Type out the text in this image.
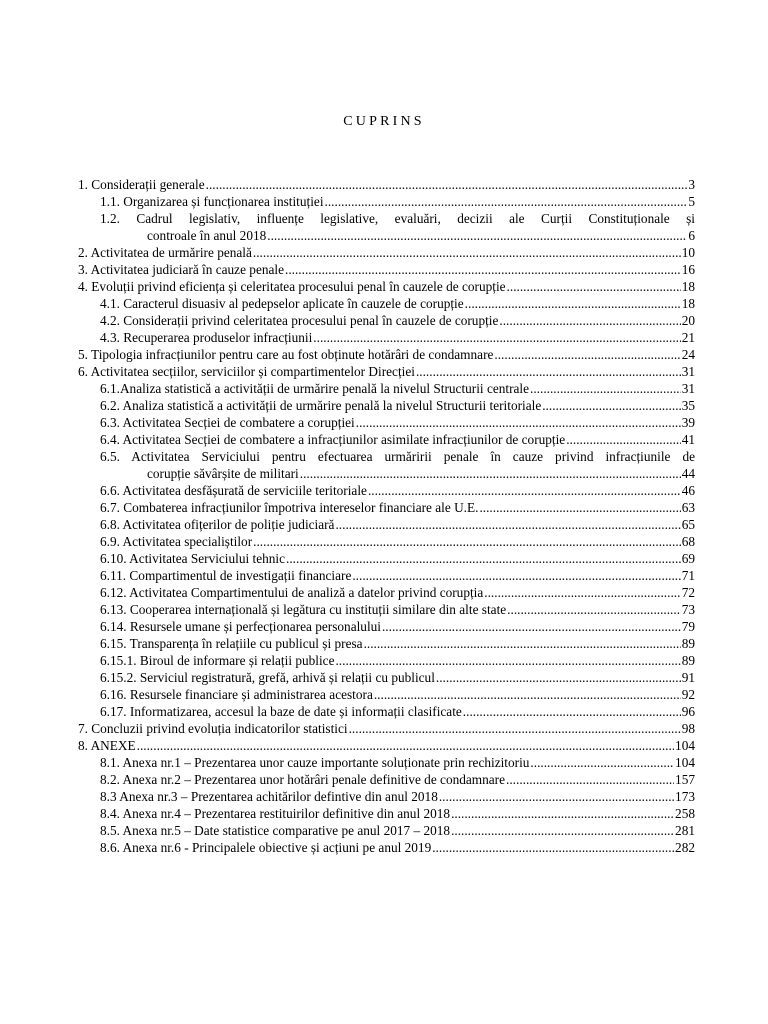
CUPRINS
1. Considerații generale .....	3
1.1. Organizarea și funcționarea instituției .....	5
1.2. Cadrul legislativ, influențe legislative, evaluări, decizii ale Curții Constituționale și
controale în anul 2018 .....	6
2. Activitatea de urmărire penală .....	10
3. Activitatea judiciară în cauze penale .....	16
4. Evoluții privind eficiența și celeritatea procesului penal în cauzele de corupție .....	18
4.1. Caracterul disuasiv al pedepselor aplicate în cauzele de corupție .....	18
4.2. Considerații privind celeritatea procesului penal în cauzele de corupție .....	20
4.3. Recuperarea produselor infracțiunii .....	21
5. Tipologia infracțiunilor pentru care au fost obținute hotărâri de condamnare .....	24
6. Activitatea secțiilor, serviciilor și compartimentelor Direcției .....	31
6.1.Analiza statistică a activității de urmărire penală la nivelul Structurii centrale .....	31
6.2. Analiza statistică a activității de urmărire penală la nivelul Structurii teritoriale .....	35
6.3. Activitatea Secției de combatere a corupției .....	39
6.4. Activitatea Secției de combatere a infracțiunilor asimilate infracțiunilor de corupție .....	41
6.5. Activitatea Serviciului pentru efectuarea urmăririi penale în cauze privind infracțiunile de
corupție săvârșite de militari .....	44
6.6. Activitatea desfășurată de serviciile teritoriale .....	46
6.7. Combaterea infracțiunilor împotriva intereselor financiare ale U.E. .....	63
6.8. Activitatea ofițerilor de poliție judiciară .....	65
6.9. Activitatea specialiștilor .....	68
6.10. Activitatea Serviciului tehnic .....	69
6.11. Compartimentul de investigații financiare .....	71
6.12. Activitatea Compartimentului de analiză a datelor privind corupția .....	72
6.13. Cooperarea internațională și legătura cu instituții similare din alte state .....	73
6.14. Resursele umane și perfecționarea personalului .....	79
6.15. Transparența în relațiile cu publicul și presa .....	89
6.15.1. Biroul de informare și relații publice .....	89
6.15.2. Serviciul registratură, grefă, arhivă și relații cu publicul .....	91
6.16. Resursele financiare și administrarea acestora .....	92
6.17. Informatizarea, accesul la baze de date și informații clasificate .....	96
7. Concluzii privind evoluția indicatorilor statistici .....	98
8. ANEXE .....	104
8.1. Anexa nr.1 – Prezentarea unor cauze importante soluționate prin rechizitoriu .....	104
8.2. Anexa nr.2 – Prezentarea unor hotărâri penale definitive de condamnare .....	157
8.3 Anexa nr.3 – Prezentarea achitărilor defintive din anul 2018 .....	173
8.4. Anexa nr.4 – Prezentarea restituirilor definitive din anul 2018 .....	258
8.5. Anexa nr.5 – Date statistice comparative pe anul 2017 – 2018 .....	281
8.6. Anexa nr.6 - Principalele obiective și acțiuni pe anul 2019 .....	282
